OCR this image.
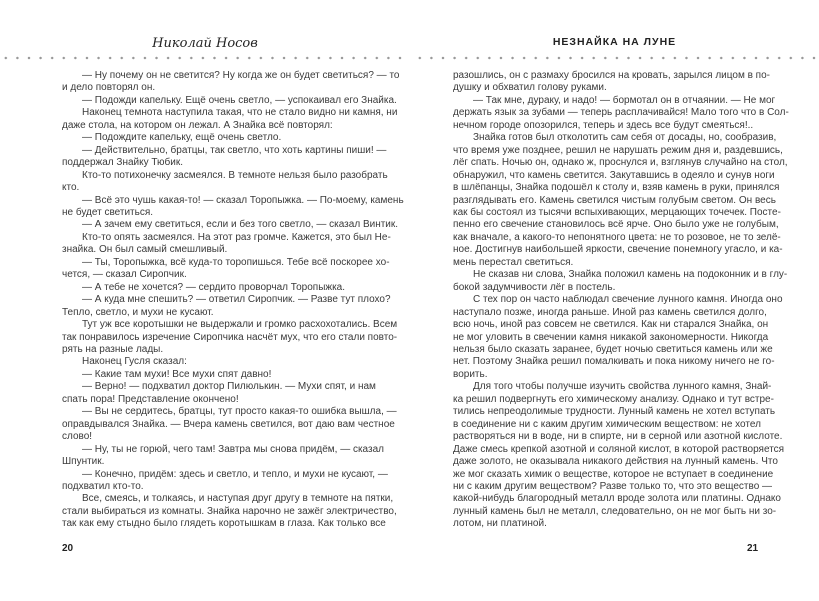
Николай Носов
— Ну почему он не светится? Ну когда же он будет светиться? — то
и дело повторял он.
— Подожди капельку. Ещё очень светло, — успокаивал его Знайка.
Наконец темнота наступила такая, что не стало видно ни камня, ни
даже стола, на котором он лежал. А Знайка всё повторял:
— Подождите капельку, ещё очень светло.
— Действительно, братцы, так светло, что хоть картины пиши! —
поддержал Знайку Тюбик.
Кто-то потихонечку засмеялся. В темноте нельзя было разобрать
кто.
— Всё это чушь какая-то! — сказал Торопыжка. — По-моему, камень
не будет светиться.
— А зачем ему светиться, если и без того светло, — сказал Винтик.
Кто-то опять засмеялся. На этот раз громче. Кажется, это был Не-
знайка. Он был самый смешливый.
— Ты, Торопыжка, всё куда-то торопишься. Тебе всё поскорее хо-
чется, — сказал Сиропчик.
— А тебе не хочется? — сердито проворчал Торопыжка.
— А куда мне спешить? — ответил Сиропчик. — Разве тут плохо?
Тепло, светло, и мухи не кусают.
Тут уж все коротышки не выдержали и громко расхохотались. Всем
так понравилось изречение Сиропчика насчёт мух, что его стали повто-
рять на разные лады.
Наконец Гусля сказал:
— Какие там мухи! Все мухи спят давно!
— Верно! — подхватил доктор Пилюлькин. — Мухи спят, и нам
спать пора! Представление окончено!
— Вы не сердитесь, братцы, тут просто какая-то ошибка вышла, —
оправдывался Знайка. — Вчера камень светился, вот даю вам честное
слово!
— Ну, ты не горюй, чего там! Завтра мы снова придём, — сказал
Шпунтик.
— Конечно, придём: здесь и светло, и тепло, и мухи не кусают, —
подхватил кто-то.
Все, смеясь, и толкаясь, и наступая друг другу в темноте на пятки,
стали выбираться из комнаты. Знайка нарочно не зажёг электричество,
так как ему стыдно было глядеть коротышкам в глаза. Как только все
20
НЕЗНАЙКА НА ЛУНЕ
разошлись, он с размаху бросился на кровать, зарылся лицом в по-
душку и обхватил голову руками.
— Так мне, дураку, и надо! — бормотал он в отчаянии. — Не мог
держать язык за зубами — теперь расплачивайся! Мало того что в Сол-
нечном городе опозорился, теперь и здесь все будут смеяться!..
Знайка готов был отколотить сам себя от досады, но, сообразив,
что время уже позднее, решил не нарушать режим дня и, раздевшись,
лёг спать. Ночью он, однако ж, проснулся и, взглянув случайно на стол,
обнаружил, что камень светится. Закутавшись в одеяло и сунув ноги
в шлёпанцы, Знайка подошёл к столу и, взяв камень в руки, принялся
разглядывать его. Камень светился чистым голубым светом. Он весь
как бы состоял из тысячи вспыхивающих, мерцающих точечек. Посте-
пенно его свечение становилось всё ярче. Оно было уже не голубым,
как вначале, а какого-то непонятного цвета: не то розовое, не то зелё-
ное. Достигнув наибольшей яркости, свечение понемногу угасло, и ка-
мень перестал светиться.
Не сказав ни слова, Знайка положил камень на подоконник и в глу-
бокой задумчивости лёг в постель.
С тех пор он часто наблюдал свечение лунного камня. Иногда оно
наступало позже, иногда раньше. Иной раз камень светился долго,
всю ночь, иной раз совсем не светился. Как ни старался Знайка, он
не мог уловить в свечении камня никакой закономерности. Никогда
нельзя было сказать заранее, будет ночью светиться камень или же
нет. Поэтому Знайка решил помалкивать и пока никому ничего не го-
ворить.
Для того чтобы получше изучить свойства лунного камня, Знай-
ка решил подвергнуть его химическому анализу. Однако и тут встре-
тились непреодолимые трудности. Лунный камень не хотел вступать
в соединение ни с каким другим химическим веществом: не хотел
растворяться ни в воде, ни в спирте, ни в серной или азотной кислоте.
Даже смесь крепкой азотной и соляной кислот, в которой растворяется
даже золото, не оказывала никакого действия на лунный камень. Что
же мог сказать химик о веществе, которое не вступает в соединение
ни с каким другим веществом? Разве только то, что это вещество —
какой-нибудь благородный металл вроде золота или платины. Однако
лунный камень был не металл, следовательно, он не мог быть ни зо-
лотом, ни платиной.
21
